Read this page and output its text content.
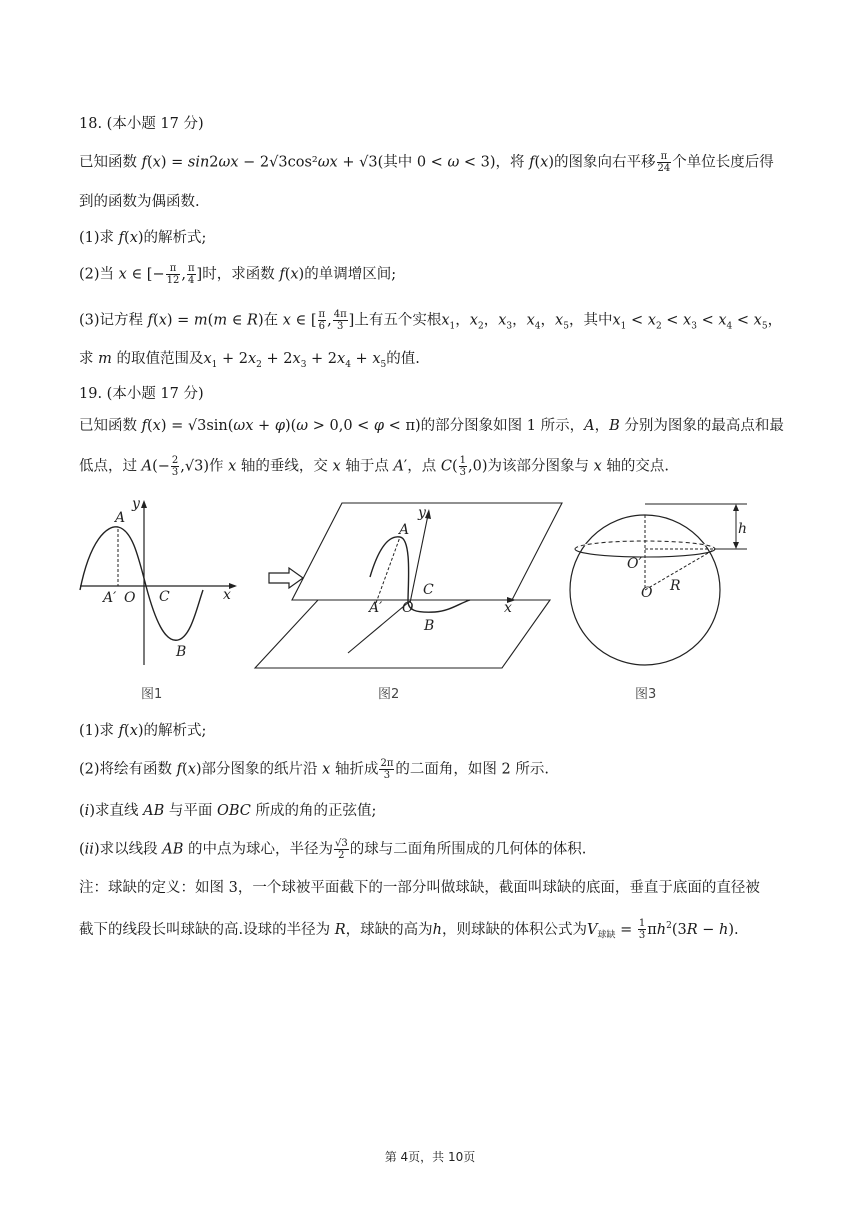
18. (本小题 17 分)
已知函数 f(x) = sin2ωx − 2√3cos²ωx + √3(其中 0 < ω < 3)，将 f(x)的图象向右平移 $\frac{\pi}{24}$ 个单位长度后得
到的函数为偶函数.
(1)求 f(x)的解析式;
(2)当 x ∈ [− $\frac{\pi}{12}$ , $\frac{\pi}{4}$ ]时，求函数 f(x)的单调增区间;
(3)记方程 f(x) = m(m ∈ R)在 x ∈ [ $\frac{\pi}{6}$ , $\frac{4\pi}{3}$ ]上有五个实根$x_1$，$x_2$，$x_3$，$x_4$，$x_5$，其中$x_1 < x_2 < x_3 < x_4 < x_5$，
求 m 的取值范围及$x_1 + 2x_2 + 2x_3 + 2x_4 + x_5$的值.
19. (本小题 17 分)
已知函数 f(x) = √3sin(ωx + φ)(ω > 0,0 < φ < π)的部分图象如图 1 所示，A，B 分别为图象的最高点和最
低点，过 $A(- \frac{2}{3} ,√3)$作 x 轴的垂线，交 x 轴于点 A′，点 $C( \frac{1}{3} ,0)$为该部分图象与 x 轴的交点.
A
y
x
A′ O C
B
图1
A
y
x
A′ O
C
B
图2
h
O′
O R
图3
(1)求 f(x)的解析式;
(2)将绘有函数 f(x)部分图象的纸片沿 x 轴折成 $\frac{2\pi}{3}$ 的二面角，如图 2 所示.
(i)求直线 AB 与平面 OBC 所成的角的正弦值;
(ii)求以线段 AB 的中点为球心，半径为 $\frac{√3}{2}$ 的球与二面角所围成的几何体的体积.
注：球缺的定义：如图 3，一个球被平面截下的一部分叫做球缺，截面叫球缺的底面，垂直于底面的直径被
截下的线段长叫球缺的高.设球的半径为 R，球缺的高为h，则球缺的体积公式为$V_{球缺} = \frac{1}{3} \pi h^2(3R - h)$.
第 4页，共 10页
